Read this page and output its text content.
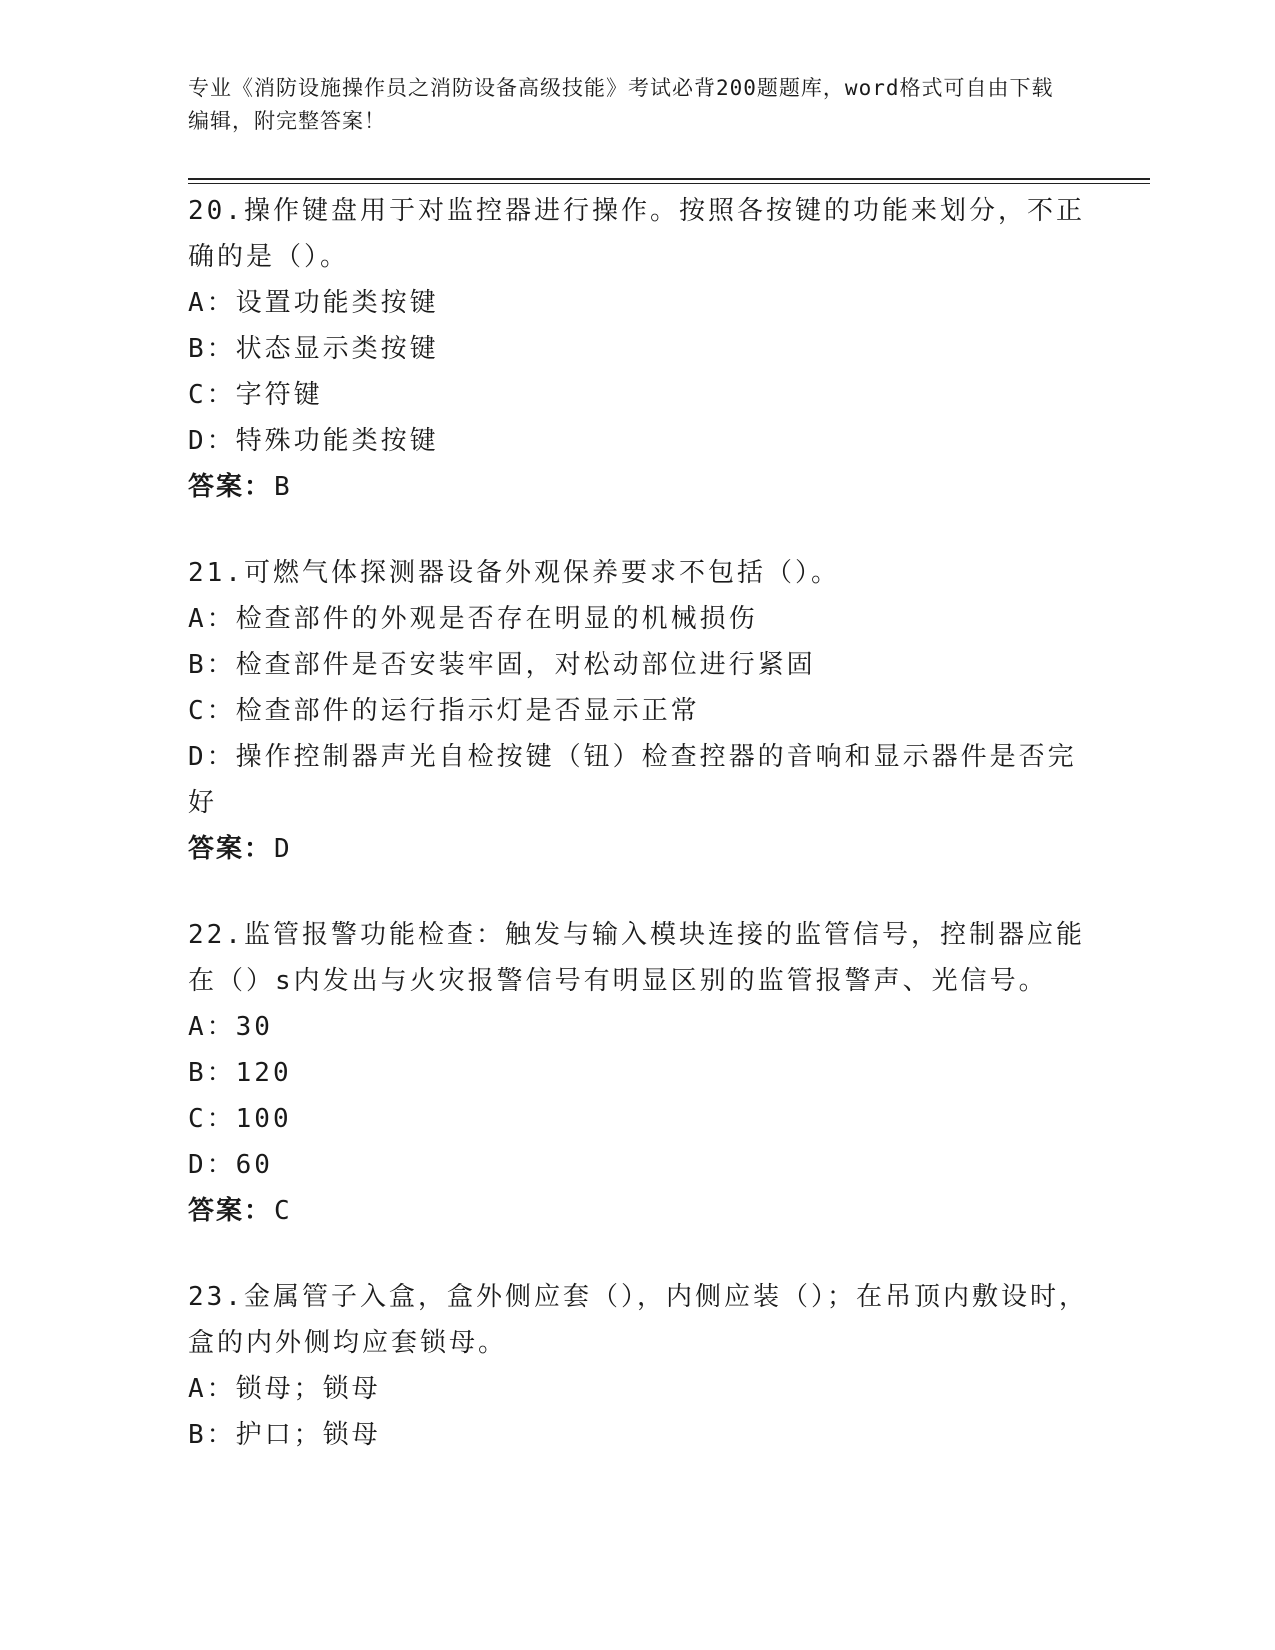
专业《消防设施操作员之消防设备高级技能》考试必背200题题库，word格式可自由下载编辑，附完整答案！

20.操作键盘用于对监控器进行操作。按照各按键的功能来划分，不正确的是（）。

A：设置功能类按键

B：状态显示类按键

C：字符键

D：特殊功能类按键

答案：B

21.可燃气体探测器设备外观保养要求不包括（）。

A：检查部件的外观是否存在明显的机械损伤

B：检查部件是否安装牢固，对松动部位进行紧固

C：检查部件的运行指示灯是否显示正常

D：操作控制器声光自检按键（钮）检查控器的音响和显示器件是否完好

答案：D

22.监管报警功能检查：触发与输入模块连接的监管信号，控制器应能在（）s内发出与火灾报警信号有明显区别的监管报警声、光信号。

A：30

B：120

C：100

D：60

答案：C

23.金属管子入盒，盒外侧应套（），内侧应装（）；在吊顶内敷设时，盒的内外侧均应套锁母。

A：锁母；锁母

B：护口；锁母
